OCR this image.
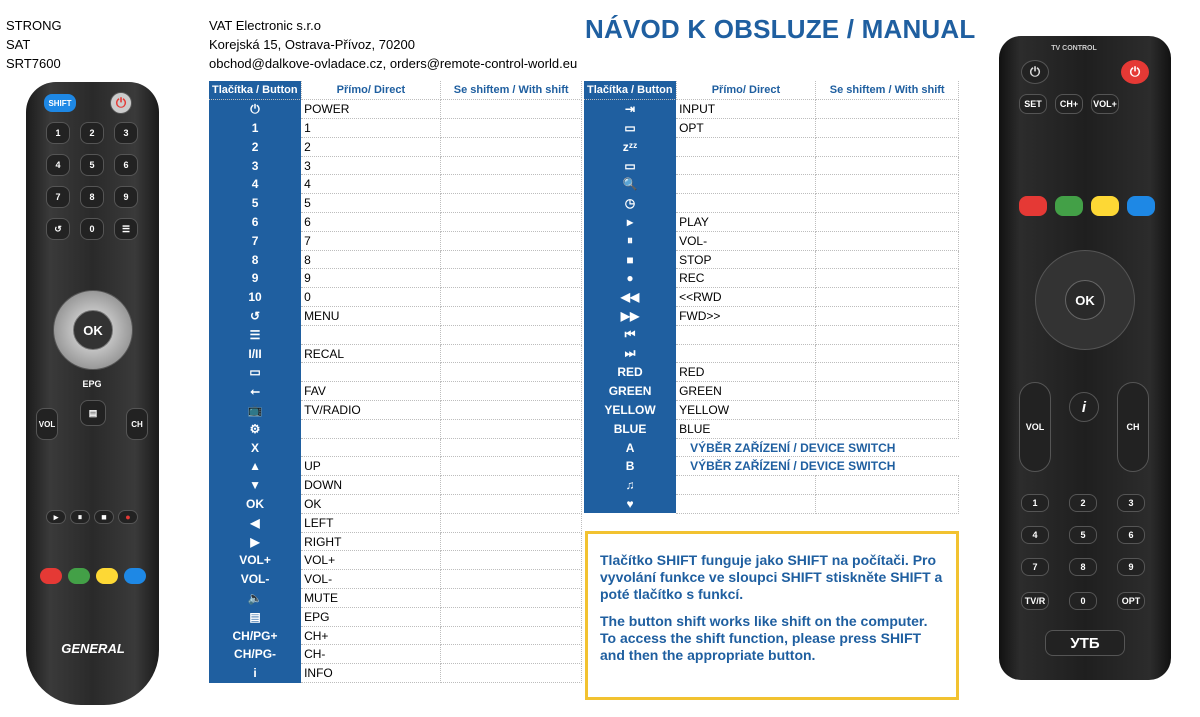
STRONG
SAT
SRT7600
VAT Electronic s.r.o
Korejská 15, Ostrava-Přívoz, 70200
obchod@dalkove-ovladace.cz, orders@remote-control-world.eu
NÁVOD K OBSLUZE / MANUAL
SHIFT	⏻
1	2	3
4	5	6
7	8	9
↺	0	☰
OK
EPG
▤
VOL	CH
▸	⏸	■	●
GENERAL
TV CONTROL
⏻	⏻
SET	CH+	VOL+
OK
VOL
i
CH
1	2	3
4	5	6
7	8	9
TV/R	0	OPT
УТБ
Tlačítka / Button	Přímo/ Direct	Se shiftem / With shift
⏻	POWER	
1	1	
2	2	
3	3	
4	4	
5	5	
6	6	
7	7	
8	8	
9	9	
10	0	
↺	MENU	
☰		
I/II	RECAL	
▭		
⭠	FAV	
📺	TV/RADIO	
⚙		
X		
▲	UP	
▼	DOWN	
OK	OK	
◀	LEFT	
▶	RIGHT	
VOL+	VOL+	
VOL-	VOL-	
🔈	MUTE	
▤	EPG	
CH/PG+	CH+	
CH/PG-	CH-	
i	INFO	
Tlačítka / Button	Přímo/ Direct	Se shiftem / With shift
⇥	INPUT	
▭	OPT	
zᶻᶻ		
▭		
🔍		
◷		
▸	PLAY	
⏸	VOL-	
■	STOP	
●	REC	
◀◀	<<RWD	
▶▶	FWD>>	
⏮		
⏭		
RED	RED	
GREEN	GREEN	
YELLOW	YELLOW	
BLUE	BLUE	
A	VÝBĚR ZAŘÍZENÍ / DEVICE SWITCH	
B	VÝBĚR ZAŘÍZENÍ / DEVICE SWITCH	
♫		
♥		

Tlačítko SHIFT funguje jako SHIFT na počítači. Pro vyvolání funkce ve sloupci SHIFT stiskněte SHIFT a poté tlačítko s funkcí.

The button shift works like shift on the computer. To access the shift function, please press SHIFT and then the appropriate button.
